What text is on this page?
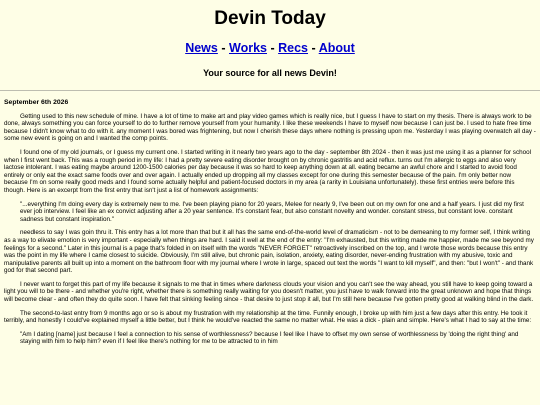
Devin Today
News - Works - Recs - About
Your source for all news Devin!
September 6th 2026

Getting used to this new schedule of mine. I have a lot of time to make art and play video games which is really nice, but I guess I have to start on my thesis. There is always work to be done, always something you can force yourself to do to further remove yourself from your humanity. I like these weekends I have to myself now because I can just be. I used to hate free time because I didn't know what to do with it. any moment I was bored was frightening, but now I cherish these days where nothing is pressing upon me. Yesterday I was playing overwatch all day - some new event is going on and I wanted the comp points.

I found one of my old journals, or I guess my current one. I started writing in it nearly two years ago to the day - september 8th 2024 - then it was just me using it as a planner for school when I first went back. This was a rough period in my life: I had a pretty severe eating disorder brought on by chronic gastritis and acid reflux. turns out I'm allergic to eggs and also very lactose intolerant. I was eating maybe around 1200-1500 calories per day because it was so hard to keep anything down at all. eating became an awful chore and I started to avoid food entirely or only eat the exact same foods over and over again. I actually ended up dropping all my classes except for one during this semester because of the pain. I'm only better now because I'm on some really good meds and I found some actually helpful and patient-focused doctors in my area (a rarity in Louisiana unfortunately). these first entries were before this though. Here is an excerpt from the first entry that isn't just a list of homework assignments:

"...everything I'm doing every day is extremely new to me. I've been playing piano for 20 years, Melee for nearly 9, I've been out on my own for one and a half years. I just did my first ever job interview. I feel like an ex convict adjusting after a 20 year sentence. It's constant fear, but also constant novelty and wonder. constant stress, but constant love. constant sadness but constant inspiration."

needless to say I was goin thru it. This entry has a lot more than that but it all has the same end-of-the-world level of dramaticism - not to be demeaning to my former self, I think writing as a way to elivate emotion is very important - especially when things are hard. I said it well at the end of the entry: "I'm exhausted, but this writing made me happier, made me see beyond my feelings for a second." Later in this journal is a page that's folded in on itself with the words "NEVER FORGET" retroactively inscribed on the top, and I wrote those words because this entry was the point in my life where I came closest to suicide. Obviously, I'm still alive, but chronic pain, isolation, anxiety, eating disorder, never-ending frustration with my abusive, toxic and manipulative parents all built up into a moment on the bathroom floor with my journal where I wrote in large, spaced out text the words "I want to kill myself", and then: "but I won't" - and thank god for that second part.

I never want to forget this part of my life because it signals to me that in times where darkness clouds your vision and you can't see the way ahead, you still have to keep going toward a light you will to be there - and whether you're right, whether there is something really waiting for you doesn't matter, you just have to walk forward into the great unknown and hope that things will become clear - and often they do quite soon. I have felt that sinking feeling since - that desire to just stop it all, but I'm still here because I've gotten pretty good at walking blind in the dark.

The second-to-last entry from 9 months ago or so is about my frustration with my relationship at the time. Funnily enough, I broke up with him just a few days after this entry. He took it terribly, and honestly I could've explained myself a little better, but I think he would've reacted the same no matter what. He was a dick - plain and simple. Here's what I had to say at the time:

"Am I dating [name] just because I feel a connection to his sense of worthlessness? because I feel like I have to offset my own sense of worthlessness by 'doing the right thing' and staying with him to help him? even if I feel like there's nothing for me to be attracted to in him
